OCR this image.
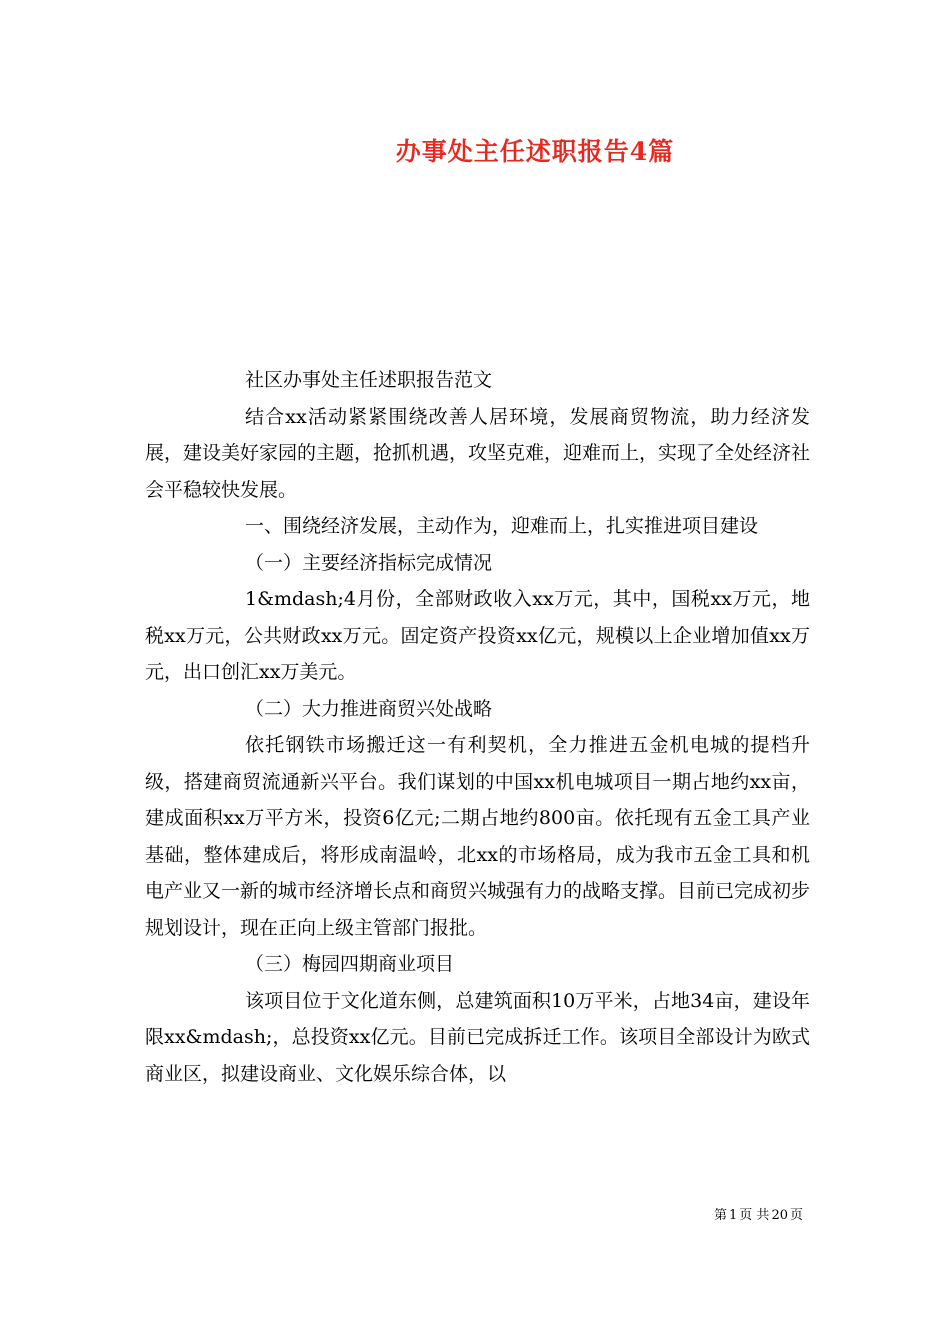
办事处主任述职报告4篇

社区办事处主任述职报告范文

结合xx活动紧紧围绕改善人居环境，发展商贸物流，助力经济发展，建设美好家园的主题，抢抓机遇，攻坚克难，迎难而上，实现了全处经济社会平稳较快发展。

一、围绕经济发展，主动作为，迎难而上，扎实推进项目建设

（一）主要经济指标完成情况

1&mdash;4月份，全部财政收入xx万元，其中，国税xx万元，地税xx万元，公共财政xx万元。固定资产投资xx亿元，规模以上企业增加值xx万元，出口创汇xx万美元。

（二）大力推进商贸兴处战略

依托钢铁市场搬迁这一有利契机，全力推进五金机电城的提档升级，搭建商贸流通新兴平台。我们谋划的中国xx机电城项目一期占地约xx亩，建成面积xx万平方米，投资6亿元;二期占地约800亩。依托现有五金工具产业基础，整体建成后，将形成南温岭，北xx的市场格局，成为我市五金工具和机电产业又一新的城市经济增长点和商贸兴城强有力的战略支撑。目前已完成初步规划设计，现在正向上级主管部门报批。

（三）梅园四期商业项目

该项目位于文化道东侧，总建筑面积10万平米，占地34亩，建设年限xx&mdash;，总投资xx亿元。目前已完成拆迁工作。该项目全部设计为欧式商业区，拟建设商业、文化娱乐综合体，以

第 1 页 共 20 页
